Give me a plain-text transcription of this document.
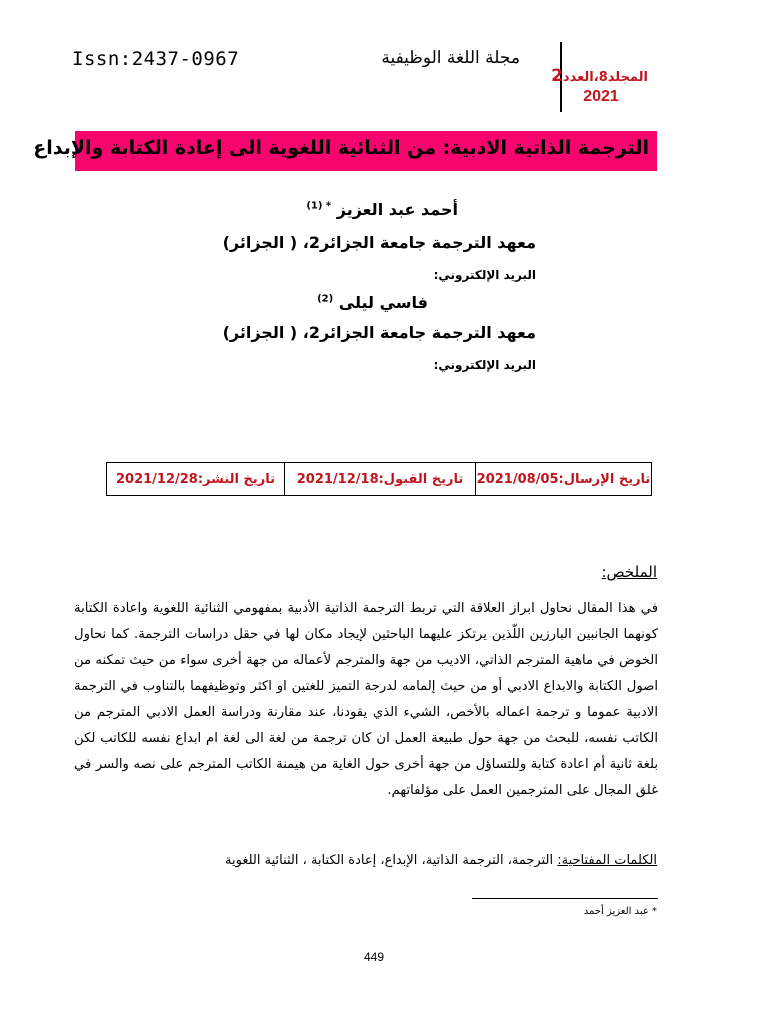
Issn:2437-0967	مجلة اللغة الوظيفية
المجلد8،العدد2
2021
الترجمة الذاتية الادبية: من الثنائية اللغوية الى إعادة الكتابة والإبداع
أحمد عبد العزيز $^{* (1)}$
معهد الترجمة جامعة الجزائر2، ( الجزائر)
البريد الإلكتروني:
فاسي ليلى $^{(2)}$
معهد الترجمة جامعة الجزائر2، ( الجزائر)
البريد الإلكتروني:
تاريخ الإرسال:2021/08/05
تاريخ القبول:2021/12/18
تاريخ النشر:2021/12/28
الملخص:

في هذا المقال نحاول ابراز العلاقة التي تربط الترجمة الذاتية الأدبية بمفهومي الثنائية اللغوية واعادة الكتابة كونهما الجانبين البارزين اللّذين يرتكز عليهما الباحثين لإيجاد مكان لها في حقل دراسات الترجمة. كما نحاول الخوض في ماهية المترجم الذاتي، الاديب من جهة والمترجم لأعماله من جهة أخرى سواء من حيث تمكنه من اصول الكتابة والابداع الادبي أو من حيث إلمامه لدرجة التميز للغتين او اكثر وتوظيفهما بالتناوب في الترجمة الادبية عموما و ترجمة اعماله بالأخص، الشيء الذي يقودنا، عند مقارنة ودراسة العمل الادبي المترجم من الكاتب نفسه، للبحث من جهة حول طبيعة العمل ان كان ترجمة من لغة الى لغة ام ابداع نفسه للكاتب لكن بلغة ثانية أم اعادة كتابة وللتساؤل من جهة أخرى حول الغاية من هيمنة الكاتب المترجم على نصه والسر في غلق المجال على المترجمين العمل على مؤلفاتهم.

الكلمات المفتاحية: الترجمة، الترجمة الذاتية، الإبداع، إعادة الكتابة ، الثنائية اللغوية
* عبد العزيز أحمد
449
